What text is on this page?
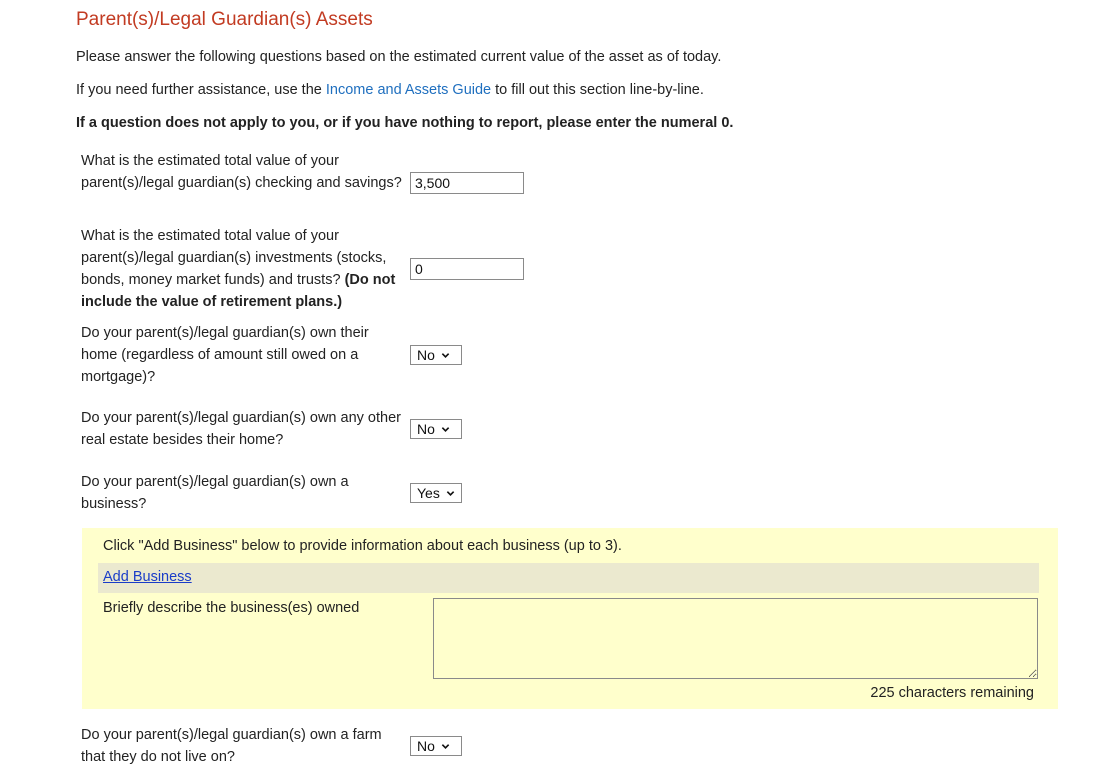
Parent(s)/Legal Guardian(s) Assets
Please answer the following questions based on the estimated current value of the asset as of today.
If you need further assistance, use the Income and Assets Guide to fill out this section line-by-line.
If a question does not apply to you, or if you have nothing to report, please enter the numeral 0.
What is the estimated total value of your parent(s)/legal guardian(s) checking and savings?
3,500
What is the estimated total value of your parent(s)/legal guardian(s) investments (stocks, bonds, money market funds) and trusts? (Do not include the value of retirement plans.)
0
Do your parent(s)/legal guardian(s) own their home (regardless of amount still owed on a mortgage)?
No
Do your parent(s)/legal guardian(s) own any other real estate besides their home?
No
Do your parent(s)/legal guardian(s) own a business?
Yes
Click "Add Business" below to provide information about each business (up to 3).
Add Business
Briefly describe the business(es) owned
225 characters remaining
Do your parent(s)/legal guardian(s) own a farm that they do not live on?
No
